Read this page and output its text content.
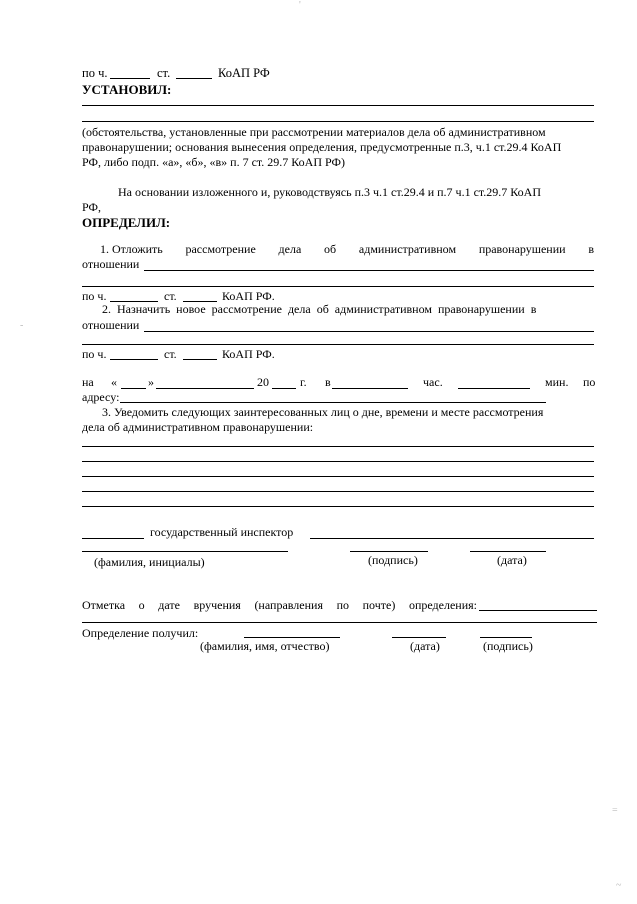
по ч.	ст.	КоАП РФ
УСТАНОВИЛ:
(обстоятельства, установленные при рассмотрении материалов дела об административном
правонарушении; основания вынесения определения, предусмотренные п.3, ч.1 ст.29.4 КоАП
РФ, либо подп. «а», «б», «в» п. 7 ст. 29.7 КоАП РФ)
На основании изложенного и, руководствуясь п.3 ч.1 ст.29.4 и п.7 ч.1 ст.29.7 КоАП
РФ,
ОПРЕДЕЛИЛ:
1. Отложить рассмотрение дела об административном правонарушении в
отношении
по ч.	ст.	КоАП РФ.
2. Назначить новое рассмотрение дела об административном правонарушении в
отношении
по ч.	ст.	КоАП РФ.
на «	»	20	г. в	час.	мин. по
адресу:
3. Уведомить следующих заинтересованных лиц о дне, времени и месте рассмотрения
дела об административном правонарушении:
государственный инспектор
(фамилия, инициалы)	(подпись)	(дата)
Отметка о дате вручения (направления по почте) определения:
Определение получил:
(фамилия, имя, отчество)	(дата)	(подпись)
'
-
=
~
